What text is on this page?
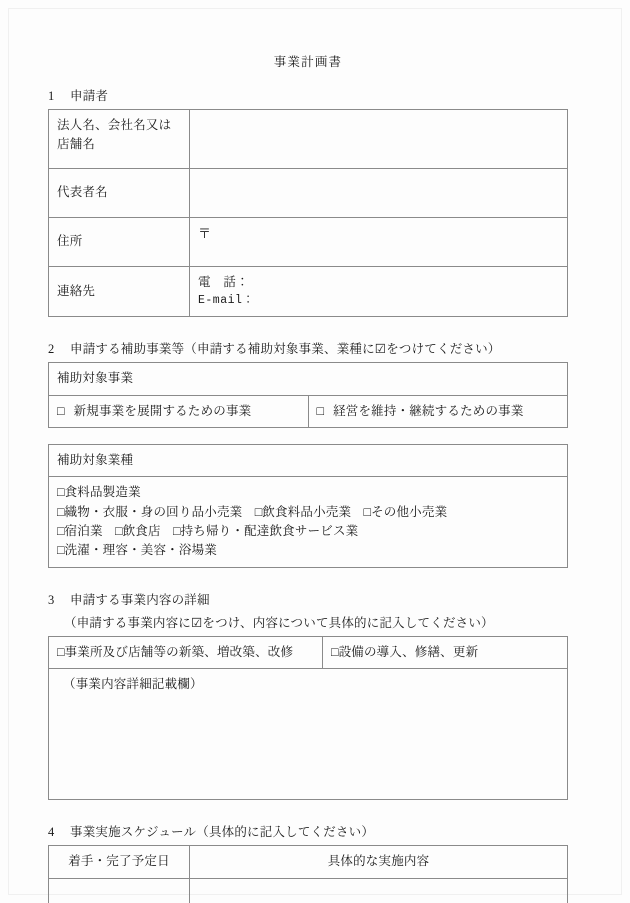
事業計画書
1 申請者
法人名、会社名又は店舗名	
代表者名	
住所	〒
連絡先	電　話：
E-mail：
2 申請する補助事業等（申請する補助対象事業、業種に☑をつけてください）
補助対象事業
□ 新規事業を展開するための事業	□ 経営を維持・継続するための事業
補助対象業種

□食料品製造業
□織物・衣服・身の回り品小売業 □飲食料品小売業 □その他小売業
□宿泊業 □飲食店 □持ち帰り・配達飲食サービス業
□洗濯・理容・美容・浴場業
3 申請する事業内容の詳細
（申請する事業内容に☑をつけ、内容について具体的に記入してください）
□事業所及び店舗等の新築、増改築、改修	□設備の導入、修繕、更新
（事業内容詳細記載欄）
4 事業実施スケジュール（具体的に記入してください）
着手・完了予定日	具体的な実施内容
